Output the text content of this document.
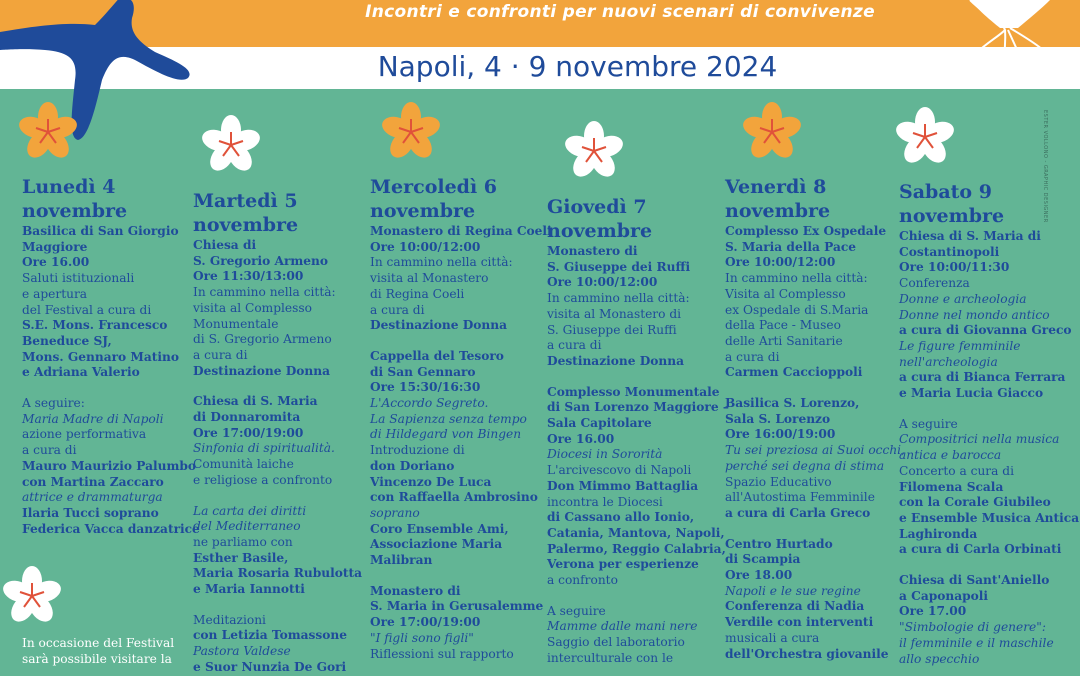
Incontri e confronti per nuovi scenari di convivenze
Napoli, 4 · 9 novembre 2024
ESTER VOLLONO - GRAPHIC DESIGNER
Lunedì 4
novembre
Basilica di San Giorgio
Maggiore
Ore 16.00
Saluti istituzionali
e apertura
del Festival a cura di
S.E. Mons. Francesco
Beneduce SJ,
Mons. Gennaro Matino
e Adriana Valerio
A seguire:
Maria Madre di Napoli
azione performativa
a cura di
Mauro Maurizio Palumbo
con Martina Zaccaro
attrice e drammaturga
Ilaria Tucci soprano
Federica Vacca danzatrice
Martedì 5
novembre
Chiesa di
S. Gregorio Armeno
Ore 11:30/13:00
In cammino nella città:
visita al Complesso
Monumentale
di S. Gregorio Armeno
a cura di
Destinazione Donna
Chiesa di S. Maria
di Donnaromita
Ore 17:00/19:00
Sinfonia di spiritualità.
Comunità laiche
e religiose a confronto
La carta dei diritti
del Mediterraneo
ne parliamo con
Esther Basile,
Maria Rosaria Rubulotta
e Maria Iannotti
Meditazioni
con Letizia Tomassone
Pastora Valdese
e Suor Nunzia De Gori
Mercoledì 6
novembre
Monastero di Regina Coeli
Ore 10:00/12:00
In cammino nella città:
visita al Monastero
di Regina Coeli
a cura di
Destinazione Donna
Cappella del Tesoro
di San Gennaro
Ore 15:30/16:30
L'Accordo Segreto.
La Sapienza senza tempo
di Hildegard von Bingen
Introduzione di
don Doriano
Vincenzo De Luca
con Raffaella Ambrosino
soprano
Coro Ensemble Ami,
Associazione Maria
Malibran
Monastero di
S. Maria in Gerusalemme
Ore 17:00/19:00
"I figli sono figli"
Riflessioni sul rapporto
Giovedì 7
novembre
Monastero di
S. Giuseppe dei Ruffi
Ore 10:00/12:00
In cammino nella città:
visita al Monastero di
S. Giuseppe dei Ruffi
a cura di
Destinazione Donna
Complesso Monumentale
di San Lorenzo Maggiore –
Sala Capitolare
Ore 16.00
Diocesi in Sororità
L'arcivescovo di Napoli
Don Mimmo Battaglia
incontra le Diocesi
di Cassano allo Ionio,
Catania, Mantova, Napoli,
Palermo, Reggio Calabria,
Verona per esperienze
a confronto
A seguire
Mamme dalle mani nere
Saggio del laboratorio
interculturale con le
Venerdì 8
novembre
Complesso Ex Ospedale
S. Maria della Pace
Ore 10:00/12:00
In cammino nella città:
Visita al Complesso
ex Ospedale di S.Maria
della Pace - Museo
delle Arti Sanitarie
a cura di
Carmen Caccioppoli
Basilica S. Lorenzo,
Sala S. Lorenzo
Ore 16:00/19:00
Tu sei preziosa ai Suoi occhi,
perché sei degna di stima
Spazio Educativo
all'Autostima Femminile
a cura di Carla Greco
Centro Hurtado
di Scampia
Ore 18.00
Napoli e le sue regine
Conferenza di Nadia
Verdile con interventi
musicali a cura
dell'Orchestra giovanile
Sabato 9
novembre
Chiesa di S. Maria di
Costantinopoli
Ore 10:00/11:30
Conferenza
Donne e archeologia
Donne nel mondo antico
a cura di Giovanna Greco
Le figure femminile
nell'archeologia
a cura di Bianca Ferrara
e Maria Lucia Giacco
A seguire
Compositrici nella musica
antica e barocca
Concerto a cura di
Filomena Scala
con la Corale Giubileo
e Ensemble Musica Antica
Laghironda
a cura di Carla Orbinati
Chiesa di Sant'Aniello
a Caponapoli
Ore 17.00
"Simbologie di genere":
il femminile e il maschile
allo specchio
In occasione del Festival
sarà possibile visitare la
